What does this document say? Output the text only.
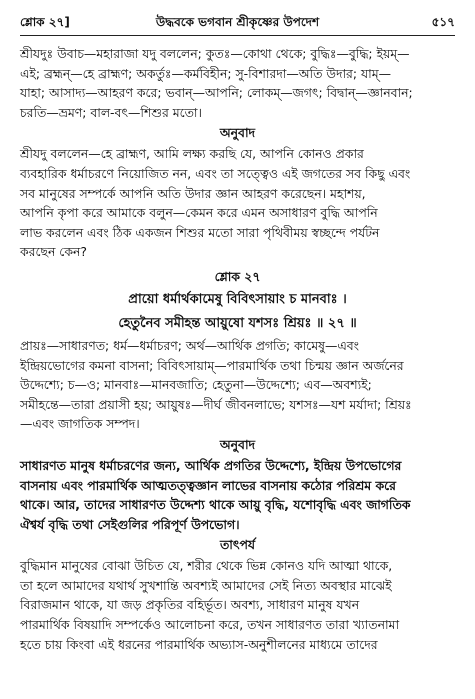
শ্লোক ২৭]	উদ্ধবকে ভগবান শ্রীকৃষ্ণের উপদেশ	৫১৭

শ্রীযদুঃ উবাচ—মহারাজা যদু বললেন; কুতঃ—কোথা থেকে; বুদ্ধিঃ—বুদ্ধি; ইয়ম্—

এই; ব্রহ্মন্—হে ব্রাহ্মণ; অকর্তুঃ—কর্মবিহীন; সু-বিশারদা—অতি উদার; যাম্—

যাহা; আসাদ্য—আহরণ করে; ভবান্—আপনি; লোকম্—জগৎ; বিদ্বান্—জ্ঞানবান;

চরতি—ভ্রমণ; বাল-বৎ—শিশুর মতো।

অনুবাদ

শ্রীযদু বললেন—হে ব্রাহ্মণ, আমি লক্ষ্য করছি যে, আপনি কোনও প্রকার

ব্যবহারিক ধর্মাচরণে নিয়োজিত নন, এবং তা সত্ত্বেও এই জগতের সব কিছু এবং

সব মানুষের সম্পর্কে আপনি অতি উদার জ্ঞান আহরণ করেছেন। মহাশয়,

আপনি কৃপা করে আমাকে বলুন—কেমন করে এমন অসাধারণ বুদ্ধি আপনি

লাভ করলেন এবং ঠিক একজন শিশুর মতো সারা পৃথিবীময় স্বচ্ছন্দে পর্যটন

করছেন কেন?

শ্লোক ২৭

প্রায়ো ধর্মার্থকামেষু বিবিৎসায়াং চ মানবাঃ ।

হেতুনৈব সমীহন্ত আয়ুষো যশসঃ শ্রিয়ঃ ॥ ২৭ ॥

প্রায়ঃ—সাধারণত; ধর্ম—ধর্মাচরণ; অর্থ—আর্থিক প্রগতি; কামেষু—এবং

ইন্দ্রিয়ভোগের কমনা বাসনা; বিবিৎসায়াম্—পারমার্থিক তথা চিন্ময় জ্ঞান অর্জনের

উদ্দেশ্যে; চ—ও; মানবাঃ—মানবজাতি; হেতুনা—উদ্দেশ্যে; এব—অবশ্যই;

সমীহন্তে—তারা প্রয়াসী হয়; আয়ুষঃ—দীর্ঘ জীবনলাভে; যশসঃ—যশ মর্যাদা; শ্রিয়ঃ

—এবং জাগতিক সম্পদ।

অনুবাদ

সাধারণত মানুষ ধর্মাচরণের জন্য, আর্থিক প্রগতির উদ্দেশ্যে, ইন্দ্রিয় উপভোগের

বাসনায় এবং পারমার্থিক আত্মতত্ত্বজ্ঞান লাভের বাসনায় কঠোর পরিশ্রম করে

থাকে। আর, তাদের সাধারণত উদ্দেশ্য থাকে আয়ু বৃদ্ধি, যশোবৃদ্ধি এবং জাগতিক

ঐশ্বর্য বৃদ্ধি তথা সেইগুলির পরিপূর্ণ উপভোগ।

তাৎপর্য

বুদ্ধিমান মানুষের বোঝা উচিত যে, শরীর থেকে ভিন্ন কোনও যদি আত্মা থাকে,

তা হলে আমাদের যথার্থ সুখশান্তি অবশ্যই আমাদের সেই নিত্য অবস্থার মাঝেই

বিরাজমান থাকে, যা জড় প্রকৃতির বহির্ভূত। অবশ্য, সাধারণ মানুষ যখন

পারমার্থিক বিষয়াদি সম্পর্কেও আলোচনা করে, তখন সাধারণত তারা খ্যাতনামা

হতে চায় কিংবা এই ধরনের পারমার্থিক অভ্যাস-অনুশীলনের মাধ্যমে তাদের
